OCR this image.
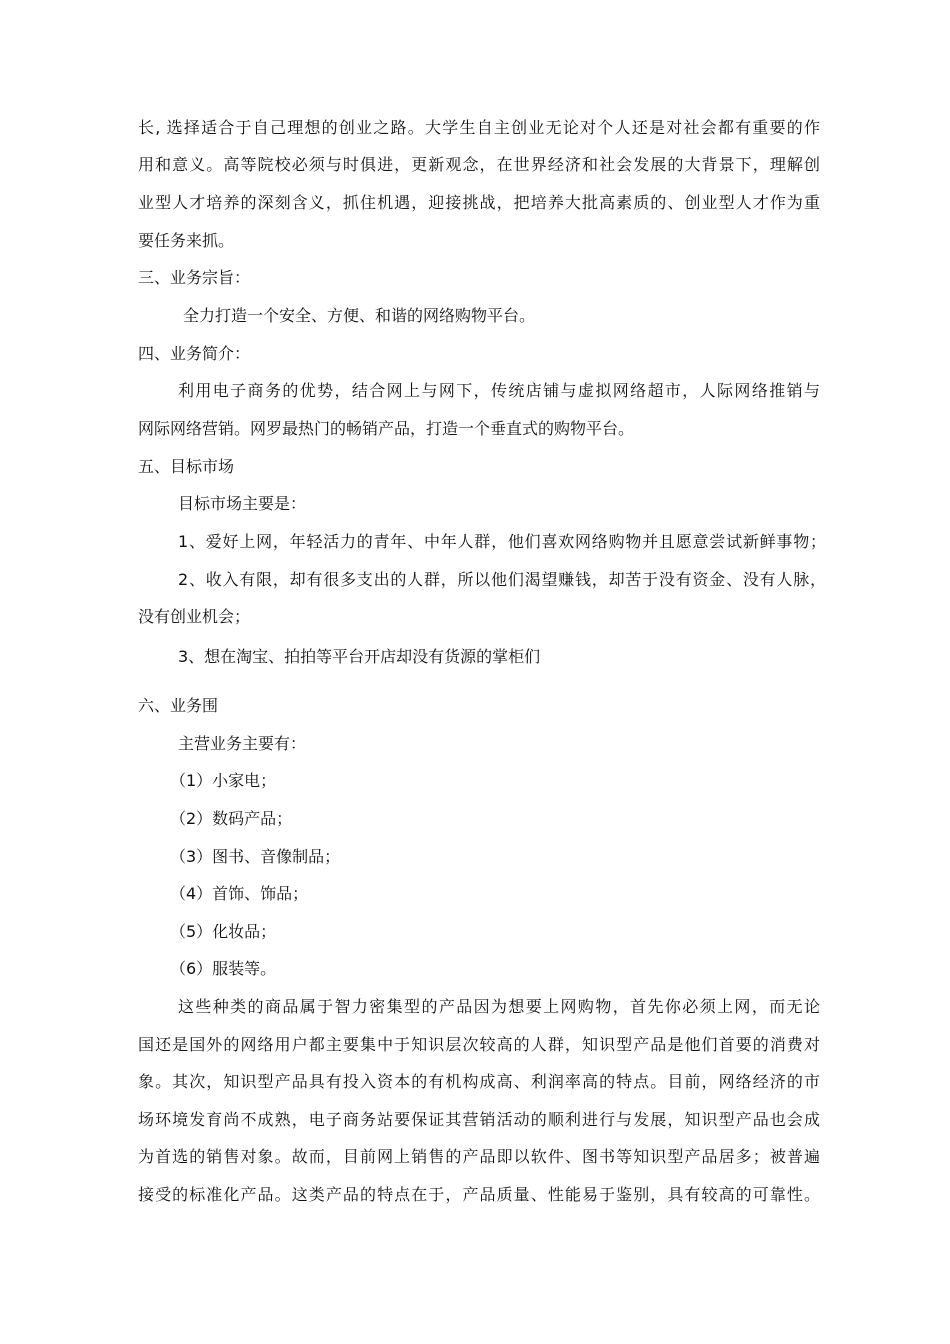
长, 选择适合于自己理想的创业之路。大学生自主创业无论对个人还是对社会都有重要的作
用和意义。高等院校必须与时俱进，更新观念，在世界经济和社会发展的大背景下，理解创
业型人才培养的深刻含义，抓住机遇，迎接挑战，把培养大批高素质的、创业型人才作为重
要任务来抓。
三、业务宗旨：
全力打造一个安全、方便、和谐的网络购物平台。
四、业务简介：
利用电子商务的优势，结合网上与网下，传统店铺与虚拟网络超市，人际网络推销与
网际网络营销。网罗最热门的畅销产品，打造一个垂直式的购物平台。
五、目标市场
目标市场主要是：
1、爱好上网，年轻活力的青年、中年人群，他们喜欢网络购物并且愿意尝试新鲜事物；
2、收入有限，却有很多支出的人群，所以他们渴望赚钱，却苦于没有资金、没有人脉，
没有创业机会；
3、想在淘宝、拍拍等平台开店却没有货源的掌柜们
六、业务围
主营业务主要有：
（1）小家电；
（2）数码产品；
（3）图书、音像制品；
（4）首饰、饰品；
（5）化妆品；
（6）服装等。
这些种类的商品属于智力密集型的产品因为想要上网购物，首先你必须上网，而无论
国还是国外的网络用户都主要集中于知识层次较高的人群，知识型产品是他们首要的消费对
象。其次，知识型产品具有投入资本的有机构成高、利润率高的特点。目前，网络经济的市
场环境发育尚不成熟，电子商务站要保证其营销活动的顺利进行与发展，知识型产品也会成
为首选的销售对象。故而，目前网上销售的产品即以软件、图书等知识型产品居多；被普遍
接受的标准化产品。这类产品的特点在于，产品质量、性能易于鉴别，具有较高的可靠性。
